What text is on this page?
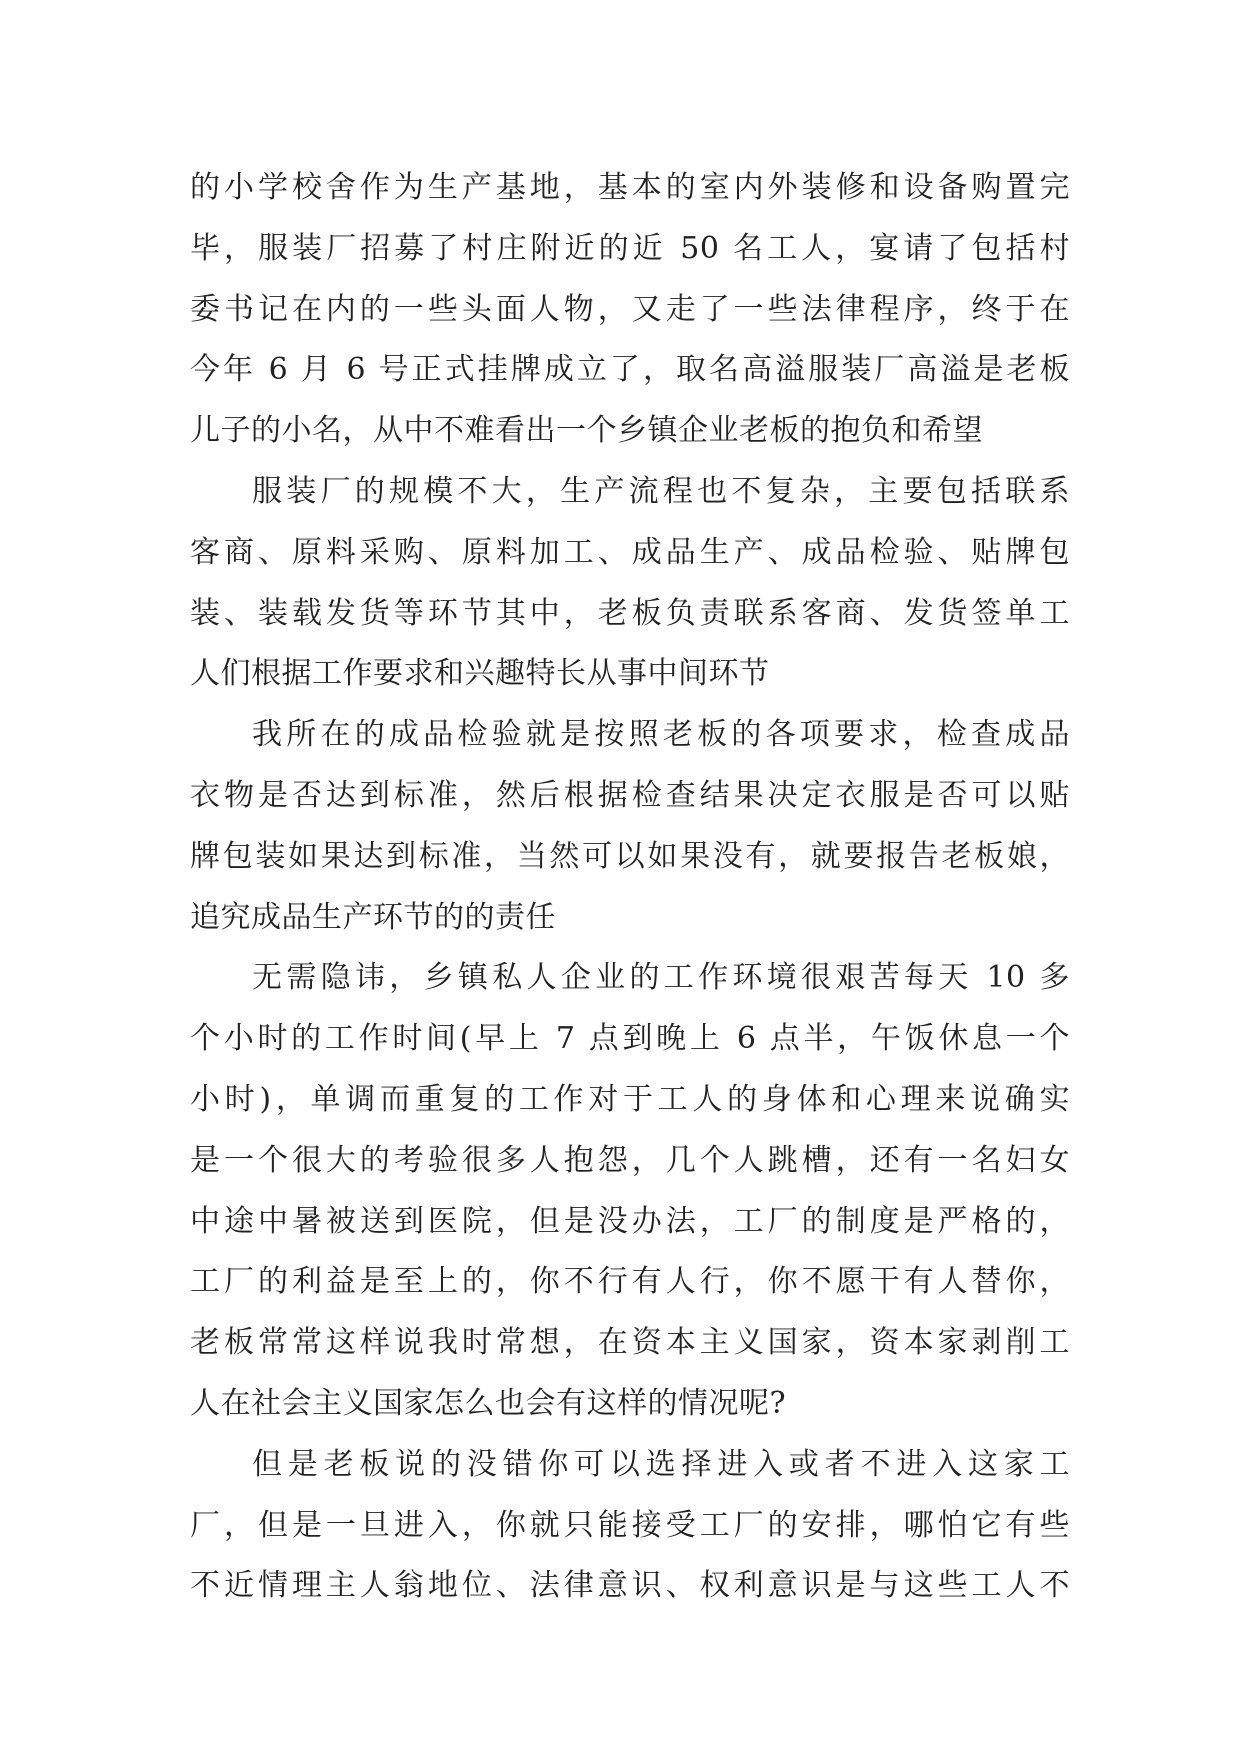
的小学校舍作为生产基地，基本的室内外装修和设备购置完
毕，服装厂招募了村庄附近的近 50 名工人，宴请了包括村
委书记在内的一些头面人物，又走了一些法律程序，终于在
今年 6 月 6 号正式挂牌成立了，取名高溢服装厂高溢是老板
儿子的小名，从中不难看出一个乡镇企业老板的抱负和希望
服装厂的规模不大，生产流程也不复杂，主要包括联系
客商、原料采购、原料加工、成品生产、成品检验、贴牌包
装、装载发货等环节其中，老板负责联系客商、发货签单工
人们根据工作要求和兴趣特长从事中间环节
我所在的成品检验就是按照老板的各项要求，检查成品
衣物是否达到标准，然后根据检查结果决定衣服是否可以贴
牌包装如果达到标准，当然可以如果没有，就要报告老板娘，
追究成品生产环节的的责任
无需隐讳，乡镇私人企业的工作环境很艰苦每天 10 多
个小时的工作时间(早上 7 点到晚上 6 点半，午饭休息一个
小时)，单调而重复的工作对于工人的身体和心理来说确实
是一个很大的考验很多人抱怨，几个人跳槽，还有一名妇女
中途中暑被送到医院，但是没办法，工厂的制度是严格的，
工厂的利益是至上的，你不行有人行，你不愿干有人替你，
老板常常这样说我时常想，在资本主义国家，资本家剥削工
人在社会主义国家怎么也会有这样的情况呢?
但是老板说的没错你可以选择进入或者不进入这家工
厂，但是一旦进入，你就只能接受工厂的安排，哪怕它有些
不近情理主人翁地位、法律意识、权利意识是与这些工人不
